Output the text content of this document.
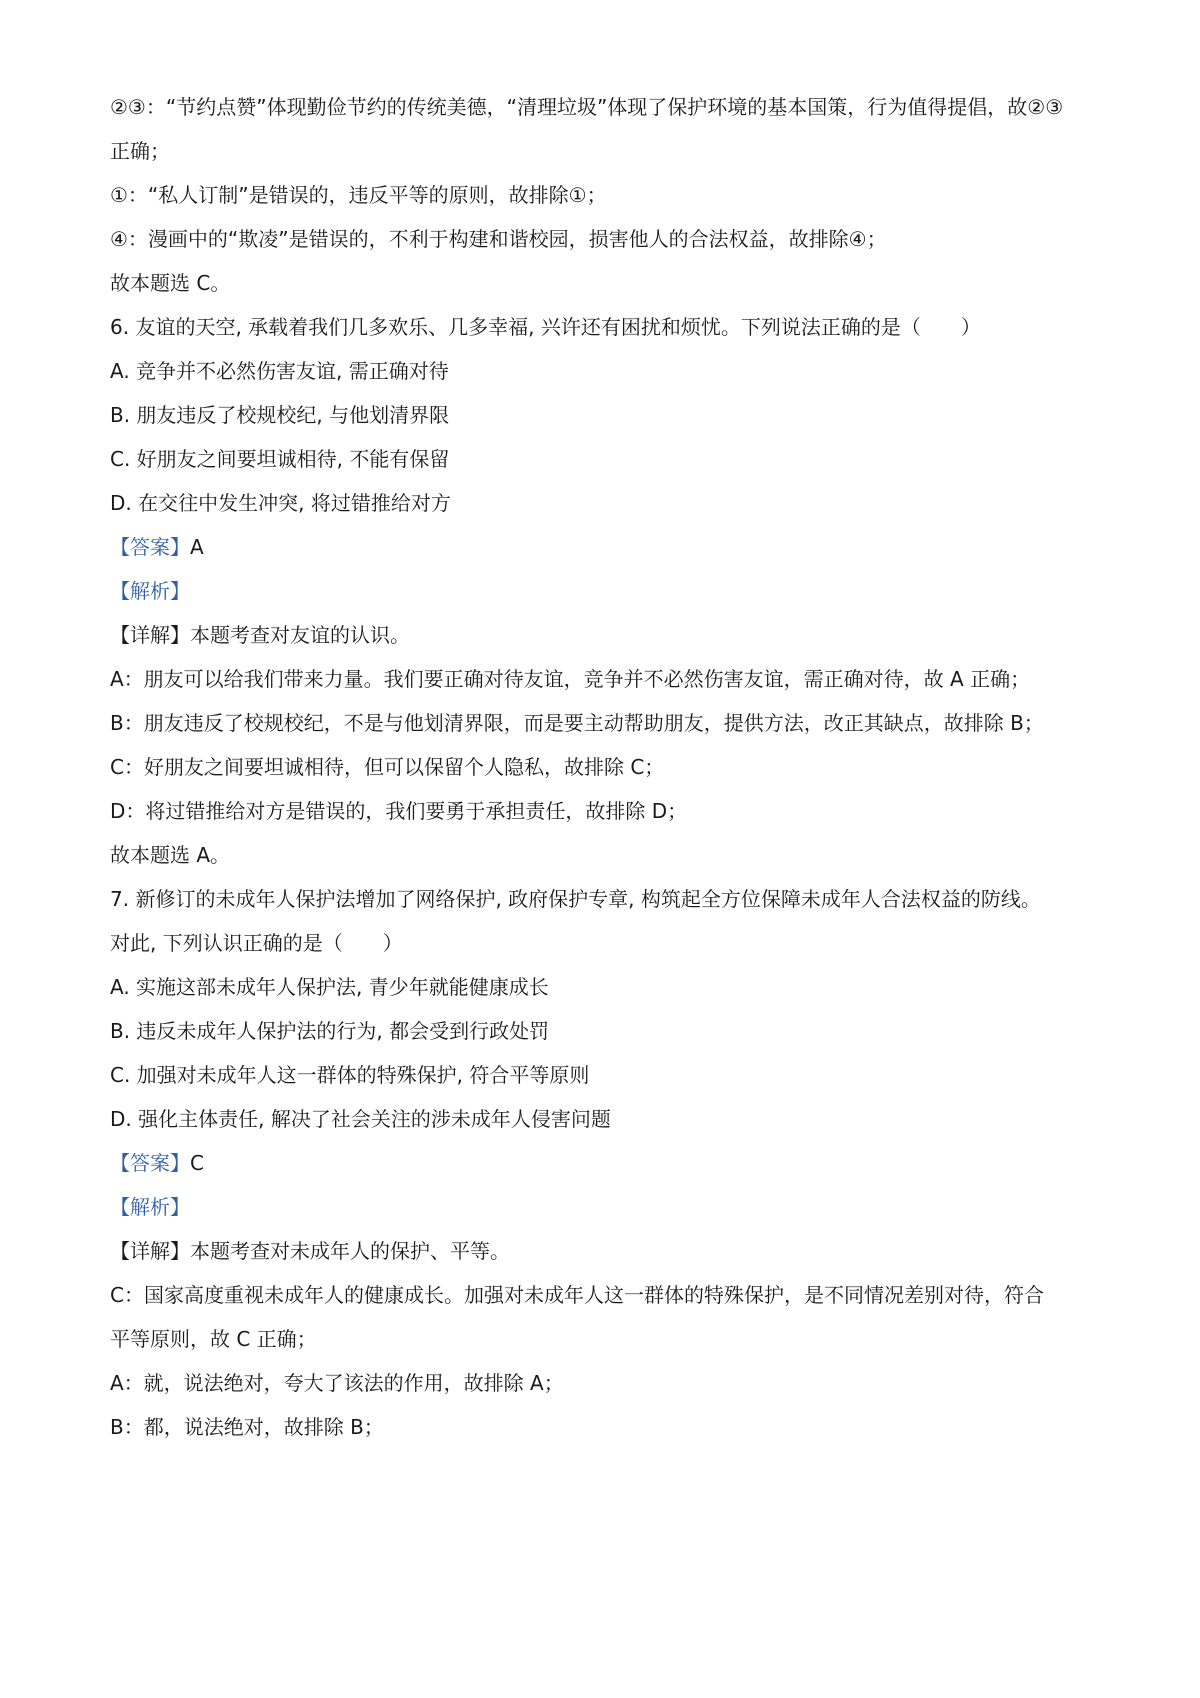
②③：“节约点赞”体现勤俭节约的传统美德，“清理垃圾”体现了保护环境的基本国策，行为值得提倡，故②③
正确；
①：“私人订制”是错误的，违反平等的原则，故排除①；
④：漫画中的“欺凌”是错误的，不利于构建和谐校园，损害他人的合法权益，故排除④；
故本题选 C。
6. 友谊的天空, 承载着我们几多欢乐、几多幸福, 兴许还有困扰和烦忧。下列说法正确的是（　　）
A. 竞争并不必然伤害友谊, 需正确对待
B. 朋友违反了校规校纪, 与他划清界限
C. 好朋友之间要坦诚相待, 不能有保留
D. 在交往中发生冲突, 将过错推给对方
【答案】A
【解析】
【详解】本题考查对友谊的认识。
A：朋友可以给我们带来力量。我们要正确对待友谊，竞争并不必然伤害友谊，需正确对待，故 A 正确；
B：朋友违反了校规校纪，不是与他划清界限，而是要主动帮助朋友，提供方法，改正其缺点，故排除 B；
C：好朋友之间要坦诚相待，但可以保留个人隐私，故排除 C；
D：将过错推给对方是错误的，我们要勇于承担责任，故排除 D；
故本题选 A。
7. 新修订的未成年人保护法增加了网络保护, 政府保护专章, 构筑起全方位保障未成年人合法权益的防线。
对此, 下列认识正确的是（　　）
A. 实施这部未成年人保护法, 青少年就能健康成长
B. 违反未成年人保护法的行为, 都会受到行政处罚
C. 加强对未成年人这一群体的特殊保护, 符合平等原则
D. 强化主体责任, 解决了社会关注的涉未成年人侵害问题
【答案】C
【解析】
【详解】本题考查对未成年人的保护、平等。
C：国家高度重视未成年人的健康成长。加强对未成年人这一群体的特殊保护，是不同情况差别对待，符合
平等原则，故 C 正确；
A：就，说法绝对，夸大了该法的作用，故排除 A；
B：都，说法绝对，故排除 B；
